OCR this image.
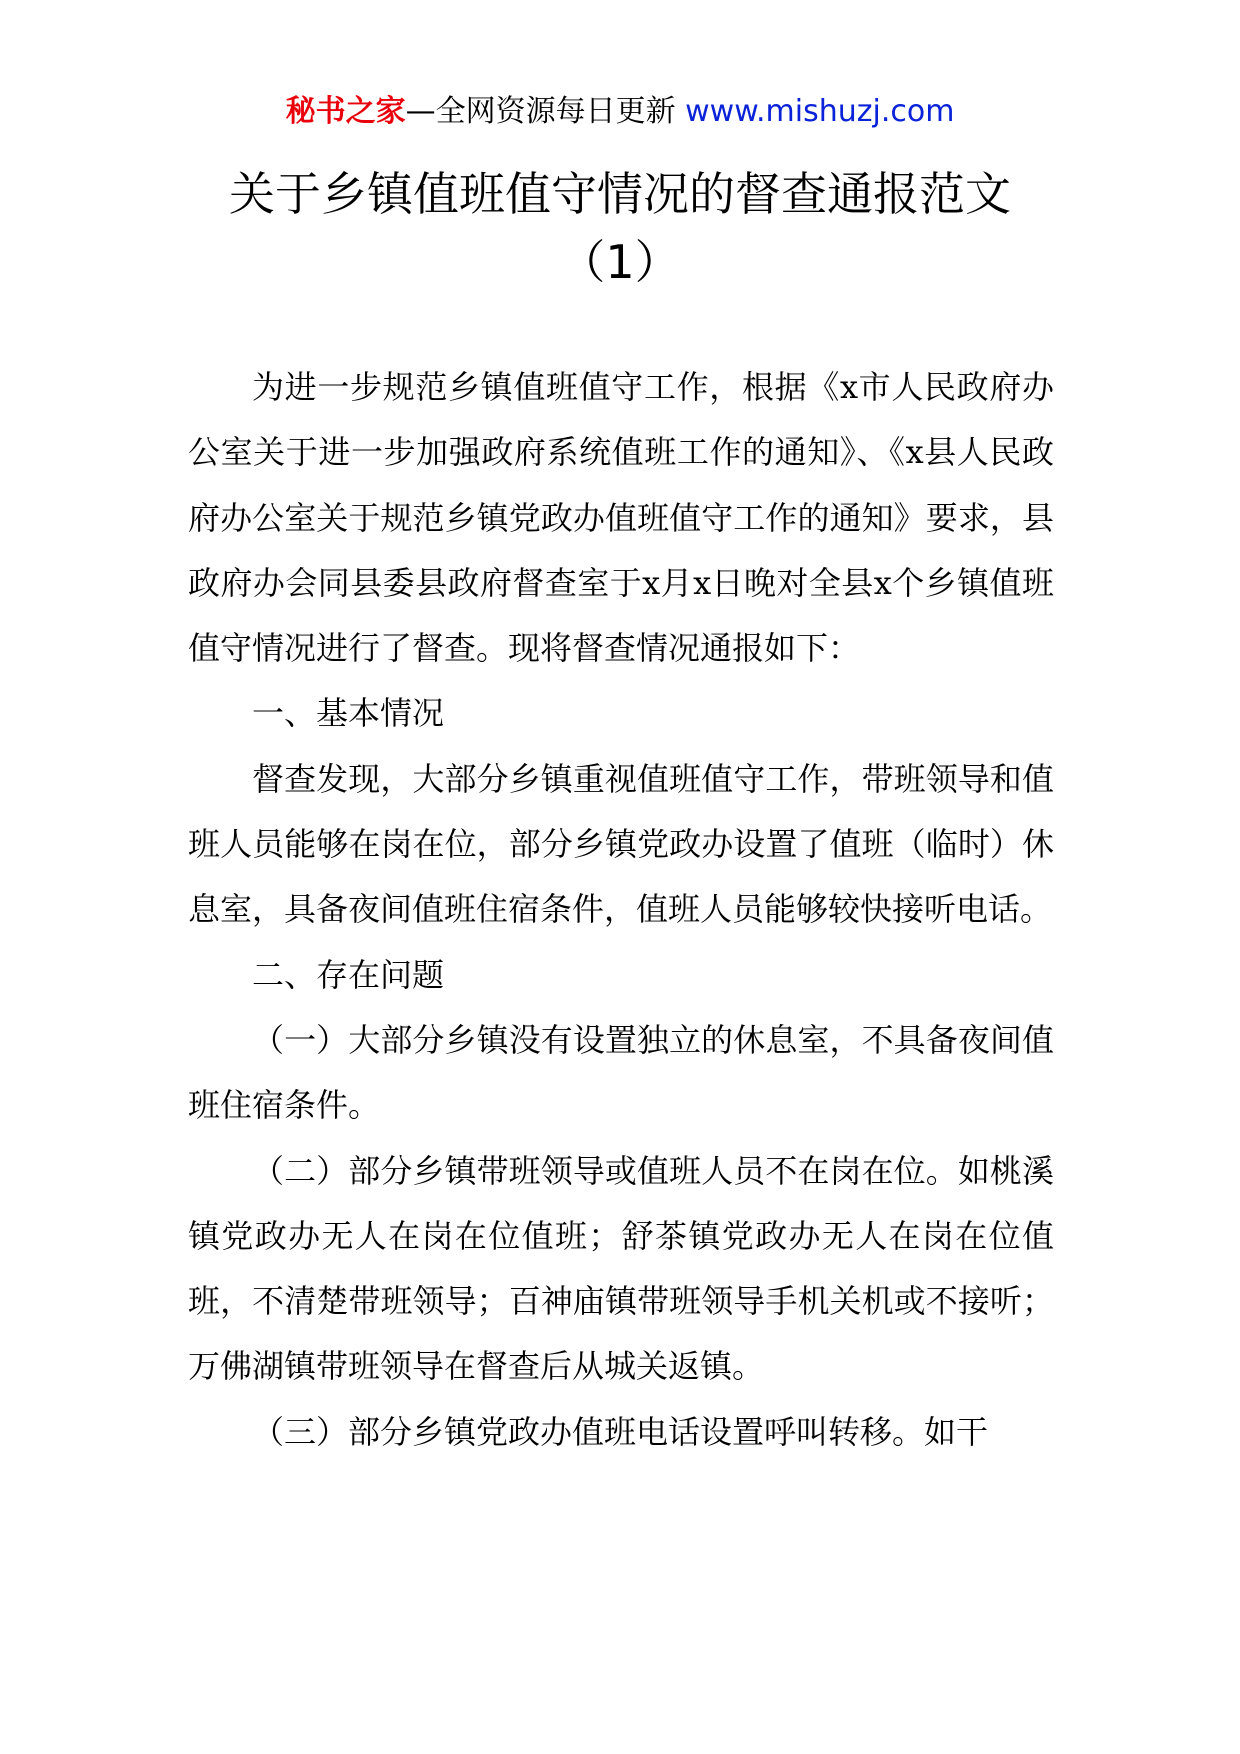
秘书之家—全网资源每日更新 www.mishuzj.com
关于乡镇值班值守情况的督查通报范文
（1）

为进一步规范乡镇值班值守工作，根据《x市人民政府办公室关于进一步加强政府系统值班工作的通知》、《x县人民政府办公室关于规范乡镇党政办值班值守工作的通知》要求，县政府办会同县委县政府督查室于x月x日晚对全县x个乡镇值班值守情况进行了督查。现将督查情况通报如下：

一、基本情况

督查发现，大部分乡镇重视值班值守工作，带班领导和值班人员能够在岗在位，部分乡镇党政办设置了值班（临时）休息室，具备夜间值班住宿条件，值班人员能够较快接听电话。

二、存在问题

（一）大部分乡镇没有设置独立的休息室，不具备夜间值班住宿条件。

（二）部分乡镇带班领导或值班人员不在岗在位。如桃溪镇党政办无人在岗在位值班；舒茶镇党政办无人在岗在位值班，不清楚带班领导；百神庙镇带班领导手机关机或不接听；万佛湖镇带班领导在督查后从城关返镇。

（三）部分乡镇党政办值班电话设置呼叫转移。如干
